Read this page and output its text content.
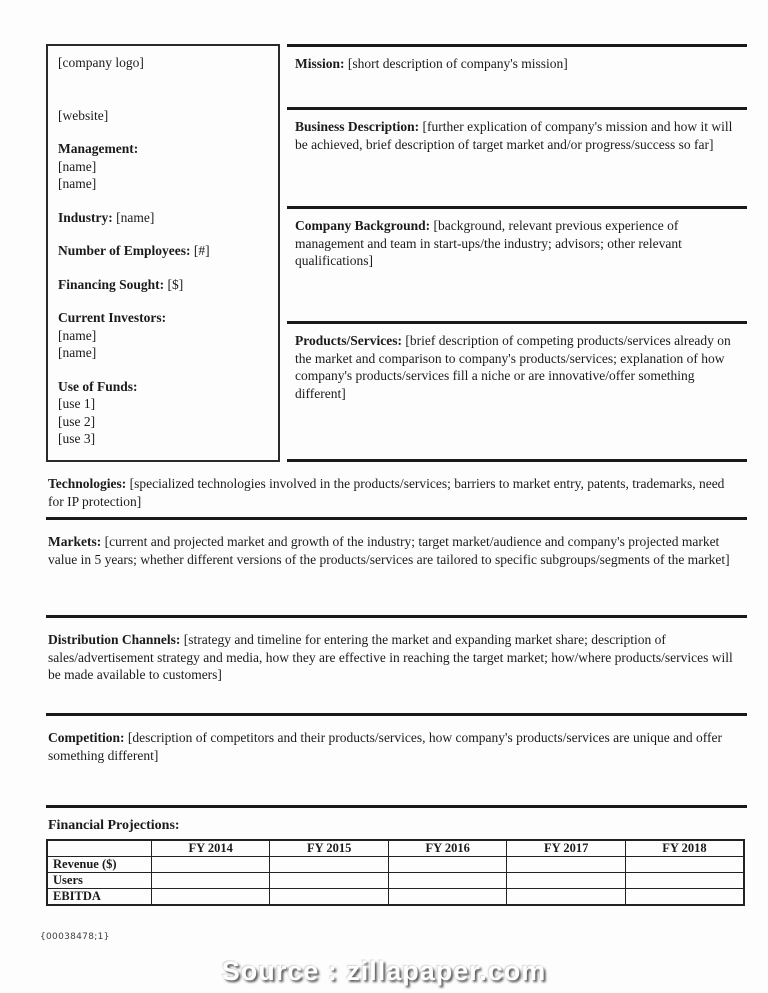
[company logo]
[website]
Management:
[name]
[name]
Industry: [name]
Number of Employees: [#]
Financing Sought: [$]
Current Investors:
[name]
[name]
Use of Funds:
[use 1]
[use 2]
[use 3]

Mission: [short description of company's mission]

Business Description: [further explication of company's mission and how it will be achieved, brief description of target market and/or progress/success so far]

Company Background: [background, relevant previous experience of management and team in start-ups/the industry; advisors; other relevant qualifications]

Products/Services: [brief description of competing products/services already on the market and comparison to company's products/services; explanation of how company's products/services fill a niche or are innovative/offer something different]

Technologies: [specialized technologies involved in the products/services; barriers to market entry, patents, trademarks, need for IP protection]

Markets: [current and projected market and growth of the industry; target market/audience and company's projected market value in 5 years; whether different versions of the products/services are tailored to specific subgroups/segments of the market]

Distribution Channels: [strategy and timeline for entering the market and expanding market share; description of sales/advertisement strategy and media, how they are effective in reaching the target market; how/where products/services will be made available to customers]

Competition: [description of competitors and their products/services, how company's products/services are unique and offer something different]

Financial Projections:
	FY 2014	FY 2015	FY 2016	FY 2017	FY 2018
Revenue ($)					
Users					
EBITDA					
{00038478;1}
Source : zillapaper.com
